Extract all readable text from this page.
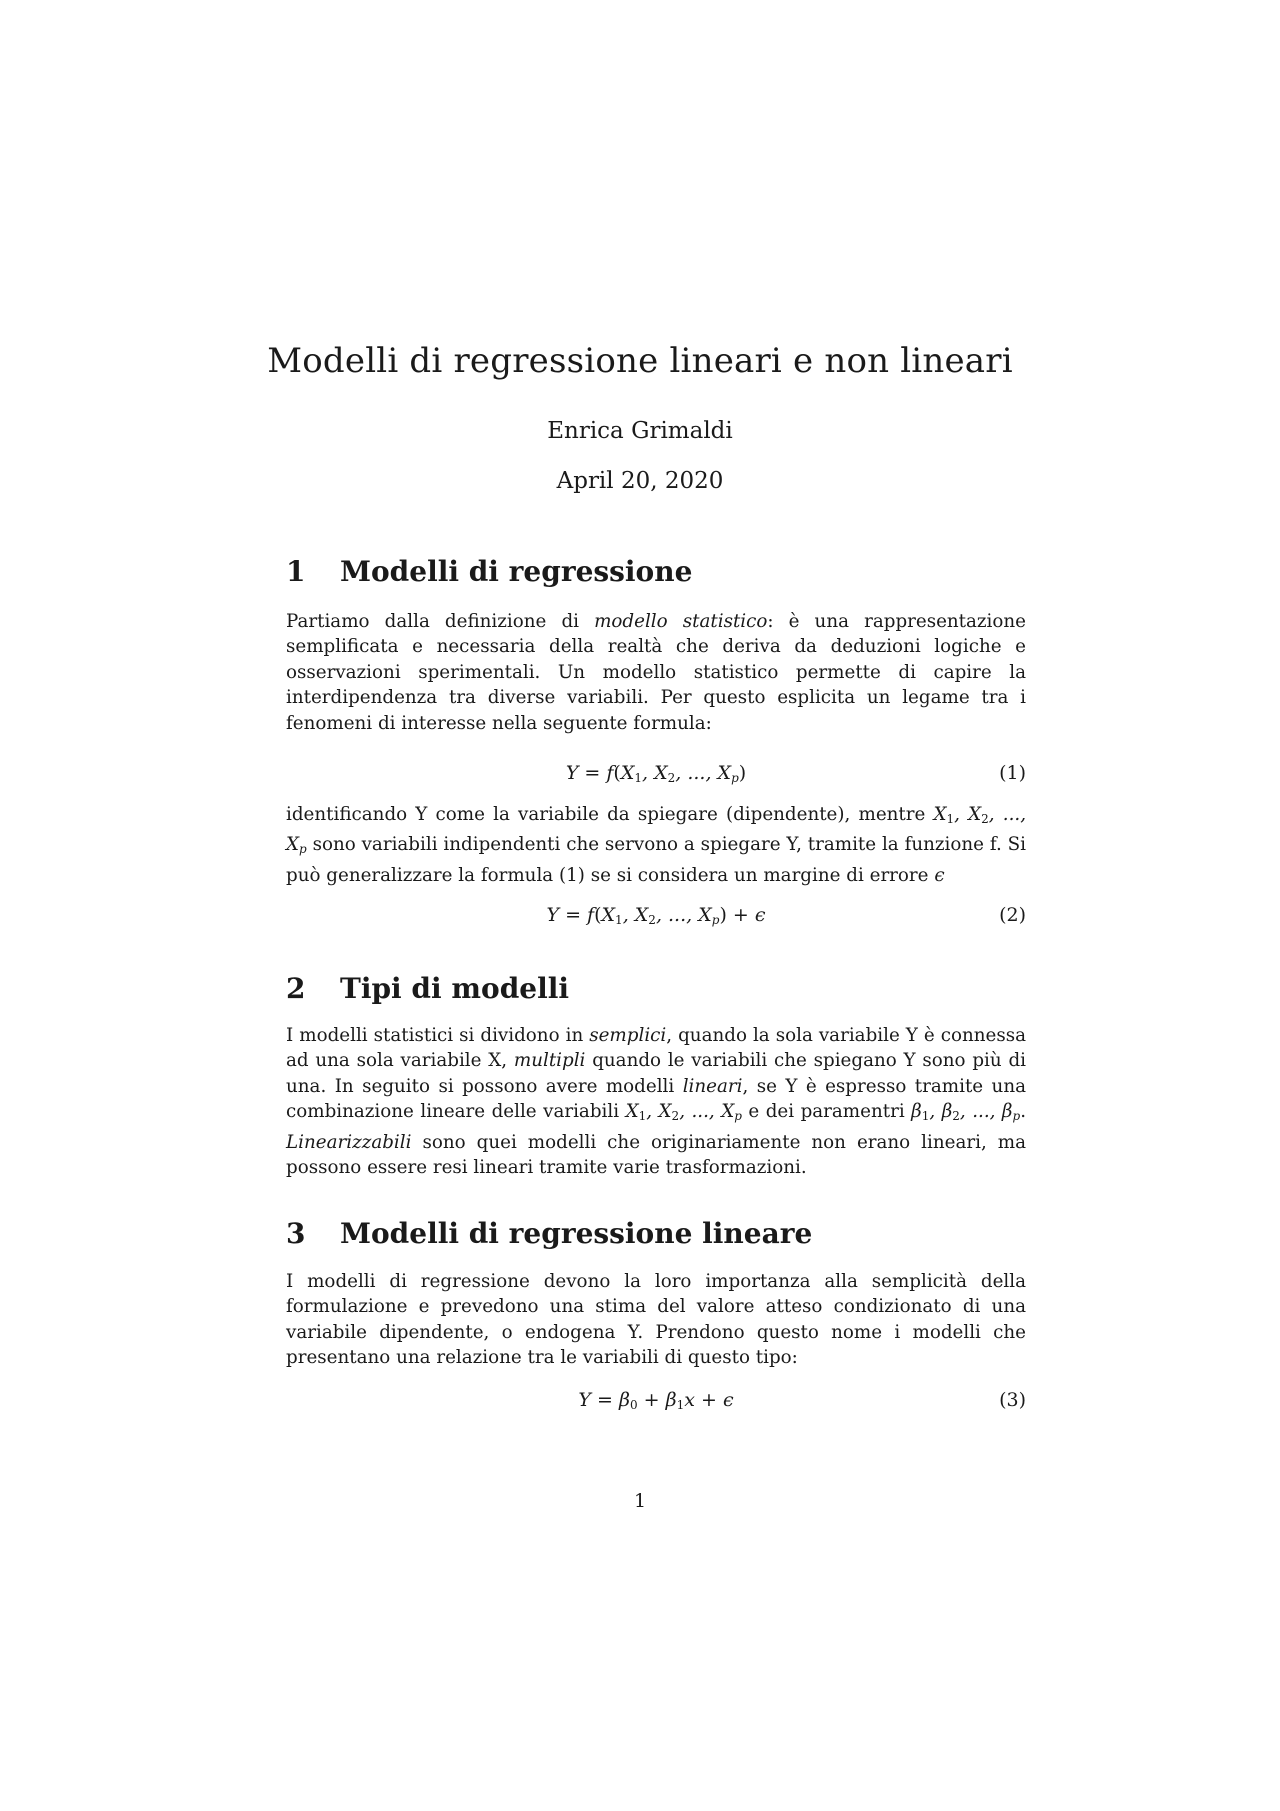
Modelli di regressione lineari e non lineari
Enrica Grimaldi
April 20, 2020
1 Modelli di regressione

Partiamo dalla definizione di modello statistico: è una rappresentazione semplificata e necessaria della realtà che deriva da deduzioni logiche e osservazioni sperimentali. Un modello statistico permette di capire la interdipendenza tra diverse variabili. Per questo esplicita un legame tra i fenomeni di interesse nella seguente formula:

$Y = f(X_1$, $X_2$, ..., $X_p$)	(1)

identificando Y come la variabile da spiegare (dipendente), mentre $X_1$, $X_2$, ..., $X_p$ sono variabili indipendenti che servono a spiegare Y, tramite la funzione f. Si può generalizzare la formula (1) se si considera un margine di errore ϵ

$Y = f(X_1$, $X_2$, ..., $X_p) + \epsilon$	(2)
2 Tipi di modelli

I modelli statistici si dividono in semplici, quando la sola variabile Y è connessa ad una sola variabile X, multipli quando le variabili che spiegano Y sono più di una. In seguito si possono avere modelli lineari, se Y è espresso tramite una combinazione lineare delle variabili $X_1$, $X_2$, ..., $X_p$ e dei paramentri $\beta_1$, $\beta_2$, ..., $\beta_p$. Linearizzabili sono quei modelli che originariamente non erano lineari, ma possono essere resi lineari tramite varie trasformazioni.

3 Modelli di regressione lineare

I modelli di regressione devono la loro importanza alla semplicità della formulazione e prevedono una stima del valore atteso condizionato di una variabile dipendente, o endogena Y. Prendono questo nome i modelli che presentano una relazione tra le variabili di questo tipo:

$Y = \beta_0 + \beta_1x + \epsilon$	(3)
1
